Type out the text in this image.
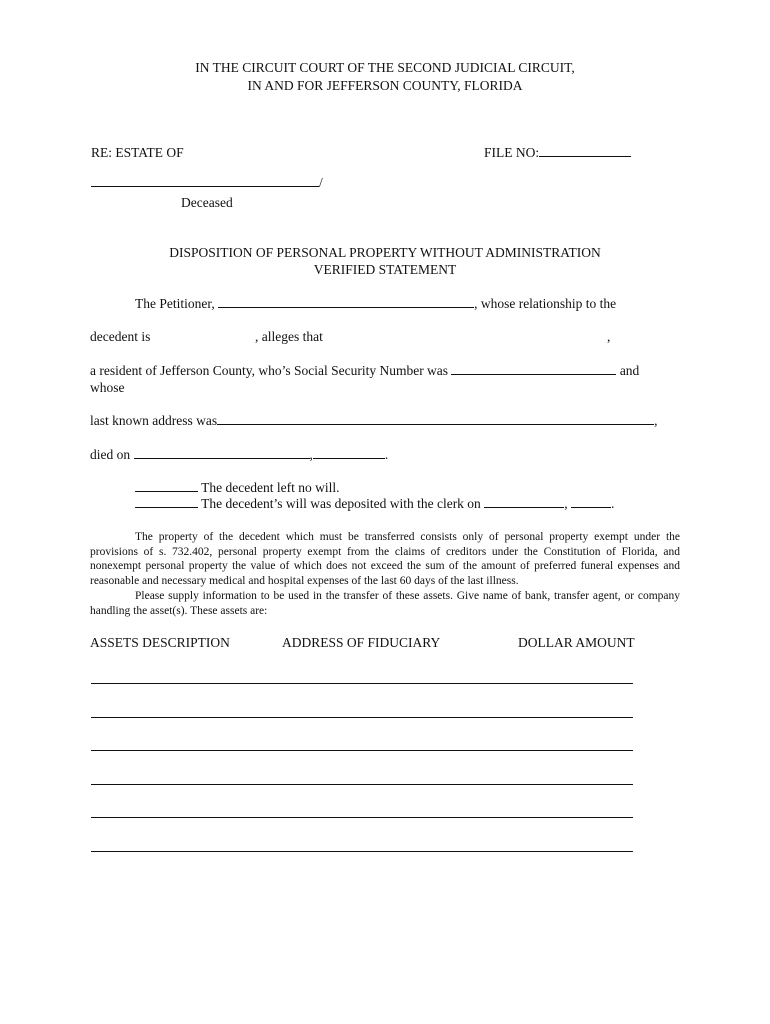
IN THE CIRCUIT COURT OF THE SECOND JUDICIAL CIRCUIT,
IN AND FOR JEFFERSON COUNTY, FLORIDA
RE: ESTATE OF	FILE NO:
/
Deceased
DISPOSITION OF PERSONAL PROPERTY WITHOUT ADMINISTRATION
VERIFIED STATEMENT
The Petitioner,	, whose relationship to the
decedent is	, alleges that	,
a resident of Jefferson County, who’s Social Security Number was	and
whose
last known address was	,
died on	,	.
The decedent left no will.
The decedent’s will was deposited with the clerk on	,	.
The property of the decedent which must be transferred consists only of personal property exempt under the provisions of s. 732.402, personal property exempt from the claims of creditors under the Constitution of Florida, and nonexempt personal property the value of which does not exceed the sum of the amount of preferred funeral expenses and reasonable and necessary medical and hospital expenses of the last 60 days of the last illness.
Please supply information to be used in the transfer of these assets. Give name of bank, transfer agent, or company handling the asset(s). These assets are:
ASSETS DESCRIPTION	ADDRESS OF FIDUCIARY	DOLLAR AMOUNT
